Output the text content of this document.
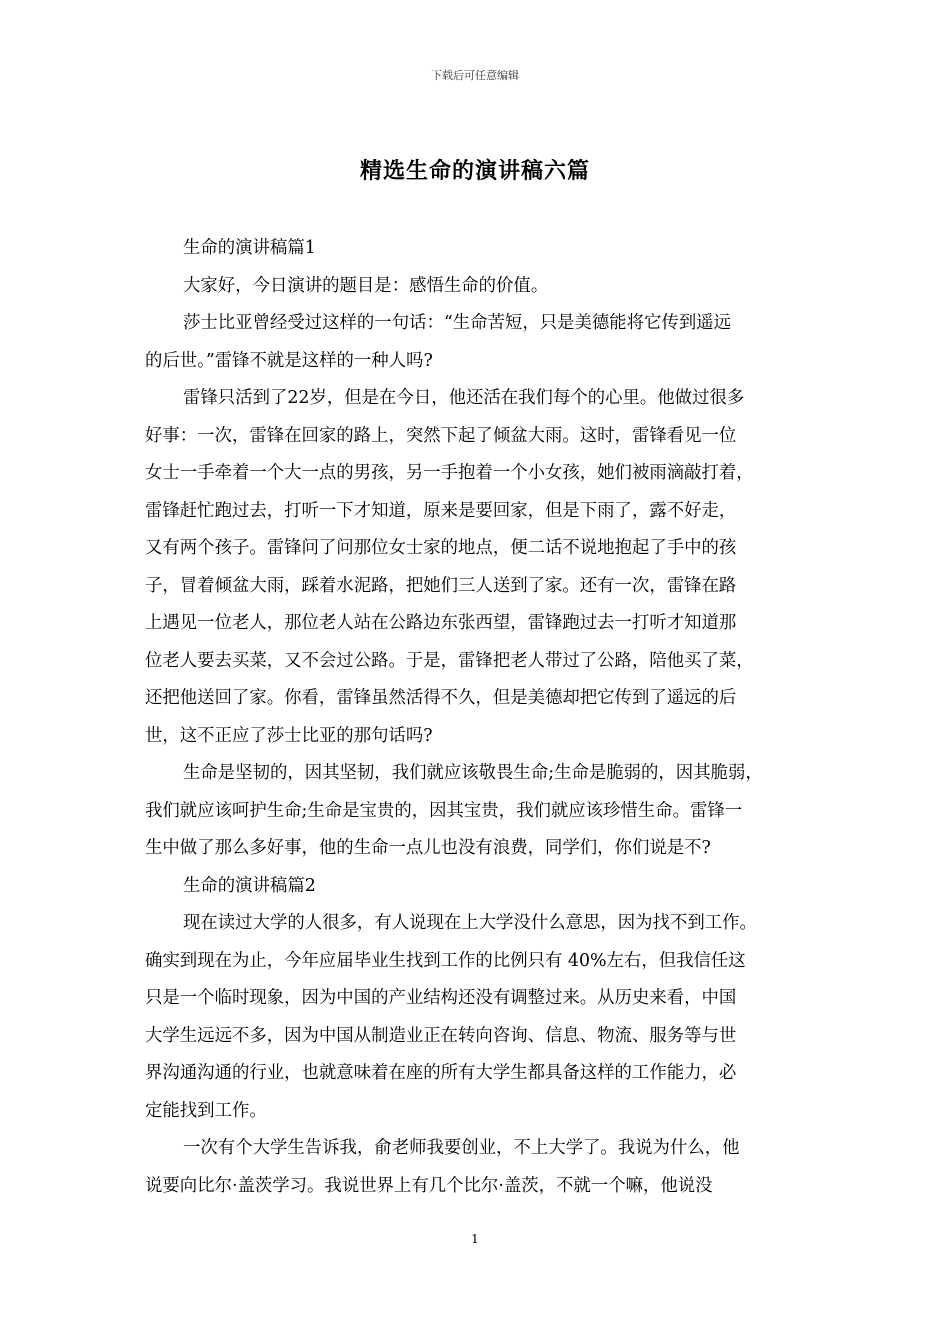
下载后可任意编辑
精选生命的演讲稿六篇
生命的演讲稿篇1
大家好，今日演讲的题目是：感悟生命的价值。
莎士比亚曾经受过这样的一句话：“生命苦短，只是美德能将它传到遥远
的后世。”雷锋不就是这样的一种人吗?
雷锋只活到了22岁，但是在今日，他还活在我们每个的心里。他做过很多
好事：一次，雷锋在回家的路上，突然下起了倾盆大雨。这时，雷锋看见一位
女士一手牵着一个大一点的男孩，另一手抱着一个小女孩，她们被雨滴敲打着，
雷锋赶忙跑过去，打听一下才知道，原来是要回家，但是下雨了，露不好走，
又有两个孩子。雷锋问了问那位女士家的地点，便二话不说地抱起了手中的孩
子，冒着倾盆大雨，踩着水泥路，把她们三人送到了家。还有一次，雷锋在路
上遇见一位老人，那位老人站在公路边东张西望，雷锋跑过去一打听才知道那
位老人要去买菜，又不会过公路。于是，雷锋把老人带过了公路，陪他买了菜，
还把他送回了家。你看，雷锋虽然活得不久，但是美德却把它传到了遥远的后
世，这不正应了莎士比亚的那句话吗?
生命是坚韧的，因其坚韧，我们就应该敬畏生命;生命是脆弱的，因其脆弱，
我们就应该呵护生命;生命是宝贵的，因其宝贵，我们就应该珍惜生命。雷锋一
生中做了那么多好事，他的生命一点儿也没有浪费，同学们，你们说是不?
生命的演讲稿篇2
现在读过大学的人很多，有人说现在上大学没什么意思，因为找不到工作。
确实到现在为止，今年应届毕业生找到工作的比例只有 40%左右，但我信任这
只是一个临时现象，因为中国的产业结构还没有调整过来。从历史来看，中国
大学生远远不多，因为中国从制造业正在转向咨询、信息、物流、服务等与世
界沟通沟通的行业，也就意味着在座的所有大学生都具备这样的工作能力，必
定能找到工作。
一次有个大学生告诉我，俞老师我要创业，不上大学了。我说为什么，他
说要向比尔·盖茨学习。我说世界上有几个比尔·盖茨，不就一个嘛，他说没
1
